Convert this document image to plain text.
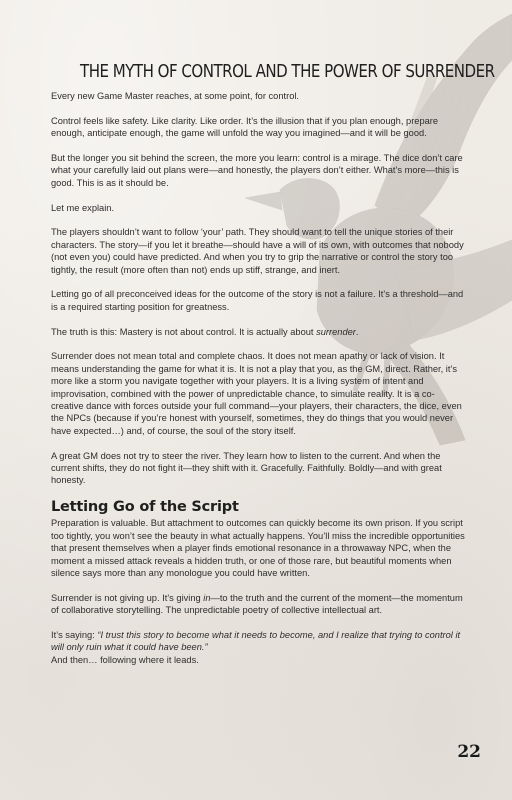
THE MYTH OF CONTROL AND THE POWER OF SURRENDER

Every new Game Master reaches, at some point, for control.

Control feels like safety. Like clarity. Like order. It’s the illusion that if you plan enough, prepare enough, anticipate enough, the game will unfold the way you imagined—and it will be good.

But the longer you sit behind the screen, the more you learn: control is a mirage. The dice don’t care what your carefully laid out plans were—and honestly, the players don’t either. What’s more—this is good. This is as it should be.

Let me explain.

The players shouldn’t want to follow ‘your’ path. They should want to tell the unique stories of their characters. The story—if you let it breathe—should have a will of its own, with outcomes that nobody (not even you) could have predicted. And when you try to grip the narrative or control the story too tightly, the result (more often than not) ends up stiff, strange, and inert.

Letting go of all preconceived ideas for the outcome of the story is not a failure. It’s a threshold—and is a required starting position for greatness.

The truth is this: Mastery is not about control. It is actually about surrender.

Surrender does not mean total and complete chaos. It does not mean apathy or lack of vision. It means understanding the game for what it is. It is not a play that you, as the GM, direct. Rather, it’s more like a storm you navigate together with your players. It is a living system of intent and improvisation, combined with the power of unpredictable chance, to simulate reality. It is a co-creative dance with forces outside your full command—your players, their characters, the dice, even the NPCs (because if you’re honest with yourself, sometimes, they do things that you would never have expected…) and, of course, the soul of the story itself.

A great GM does not try to steer the river. They learn how to listen to the current. And when the current shifts, they do not fight it—they shift with it. Gracefully. Faithfully. Boldly—and with great honesty.

Letting Go of the Script

Preparation is valuable. But attachment to outcomes can quickly become its own prison. If you script too tightly, you won’t see the beauty in what actually happens. You’ll miss the incredible opportunities that present themselves when a player finds emotional resonance in a throwaway NPC, when the moment a missed attack reveals a hidden truth, or one of those rare, but beautiful moments when silence says more than any monologue you could have written.

Surrender is not giving up. It’s giving in—to the truth and the current of the moment—the momentum of collaborative storytelling. The unpredictable poetry of collective intellectual art.

It’s saying: “I trust this story to become what it needs to become, and I realize that trying to control it will only ruin what it could have been.”

And then… following where it leads.

22
